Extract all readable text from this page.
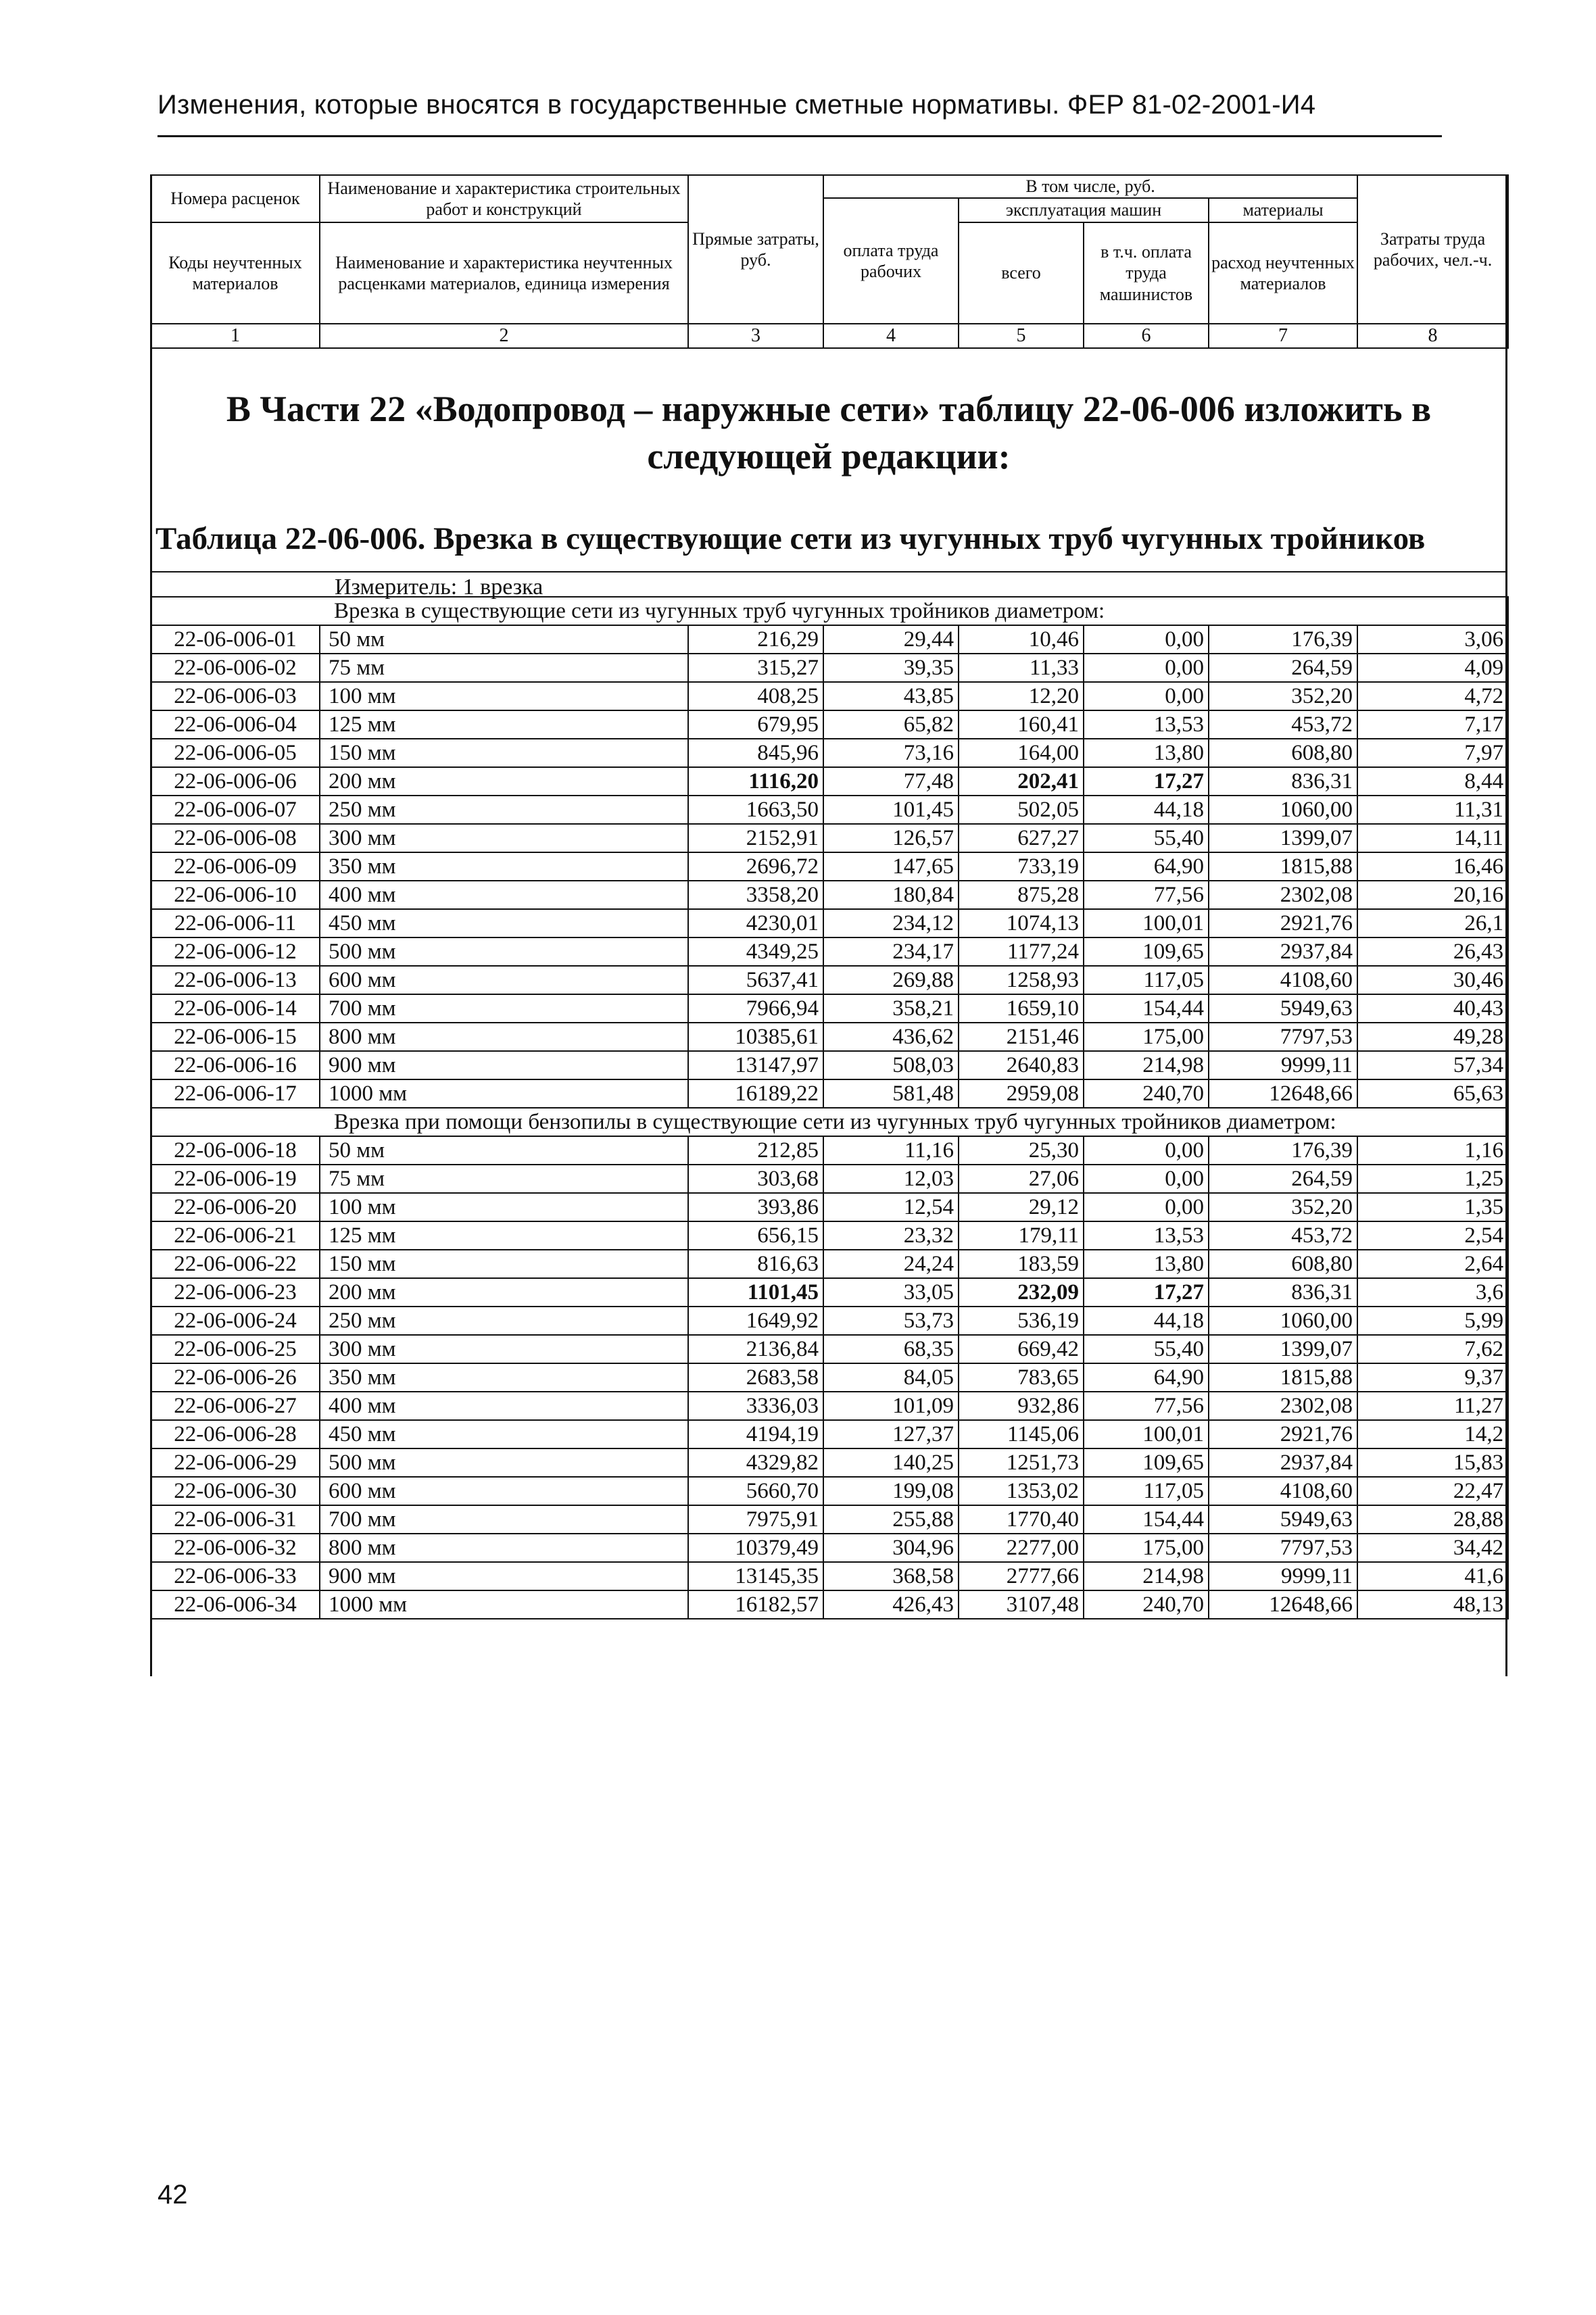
Изменения, которые вносятся в государственные сметные нормативы. ФЕР 81-02-2001-И4
Номера расценок	Наименование и характеристика строительных работ и конструкций	Прямые затраты, руб.	В том числе, руб.				Затраты труда рабочих, чел.-ч.
			оплата труда рабочих	эксплуатация машин		материалы	
Коды неучтенных материалов	Наименование и характеристика неучтенных расценками материалов, единица измерения			всего	в т.ч. оплата труда машинистов	расход неучтенных материалов	
1	2	3	4	5	6	7	8
В Части 22 «Водопровод – наружные сети» таблицу 22-06-006 изложить в следующей редакции:
Таблица 22-06-006. Врезка в существующие сети из чугунных труб чугунных тройников
Измеритель: 1 врезка
Врезка в существующие сети из чугунных труб чугунных тройников диаметром:							
22-06-006-01	50 мм	216,29	29,44	10,46	0,00	176,39	3,06
22-06-006-02	75 мм	315,27	39,35	11,33	0,00	264,59	4,09
22-06-006-03	100 мм	408,25	43,85	12,20	0,00	352,20	4,72
22-06-006-04	125 мм	679,95	65,82	160,41	13,53	453,72	7,17
22-06-006-05	150 мм	845,96	73,16	164,00	13,80	608,80	7,97
22-06-006-06	200 мм	1116,20	77,48	202,41	17,27	836,31	8,44
22-06-006-07	250 мм	1663,50	101,45	502,05	44,18	1060,00	11,31
22-06-006-08	300 мм	2152,91	126,57	627,27	55,40	1399,07	14,11
22-06-006-09	350 мм	2696,72	147,65	733,19	64,90	1815,88	16,46
22-06-006-10	400 мм	3358,20	180,84	875,28	77,56	2302,08	20,16
22-06-006-11	450 мм	4230,01	234,12	1074,13	100,01	2921,76	26,1
22-06-006-12	500 мм	4349,25	234,17	1177,24	109,65	2937,84	26,43
22-06-006-13	600 мм	5637,41	269,88	1258,93	117,05	4108,60	30,46
22-06-006-14	700 мм	7966,94	358,21	1659,10	154,44	5949,63	40,43
22-06-006-15	800 мм	10385,61	436,62	2151,46	175,00	7797,53	49,28
22-06-006-16	900 мм	13147,97	508,03	2640,83	214,98	9999,11	57,34
22-06-006-17	1000 мм	16189,22	581,48	2959,08	240,70	12648,66	65,63
Врезка при помощи бензопилы в существующие сети из чугунных труб чугунных тройников диаметром:							
22-06-006-18	50 мм	212,85	11,16	25,30	0,00	176,39	1,16
22-06-006-19	75 мм	303,68	12,03	27,06	0,00	264,59	1,25
22-06-006-20	100 мм	393,86	12,54	29,12	0,00	352,20	1,35
22-06-006-21	125 мм	656,15	23,32	179,11	13,53	453,72	2,54
22-06-006-22	150 мм	816,63	24,24	183,59	13,80	608,80	2,64
22-06-006-23	200 мм	1101,45	33,05	232,09	17,27	836,31	3,6
22-06-006-24	250 мм	1649,92	53,73	536,19	44,18	1060,00	5,99
22-06-006-25	300 мм	2136,84	68,35	669,42	55,40	1399,07	7,62
22-06-006-26	350 мм	2683,58	84,05	783,65	64,90	1815,88	9,37
22-06-006-27	400 мм	3336,03	101,09	932,86	77,56	2302,08	11,27
22-06-006-28	450 мм	4194,19	127,37	1145,06	100,01	2921,76	14,2
22-06-006-29	500 мм	4329,82	140,25	1251,73	109,65	2937,84	15,83
22-06-006-30	600 мм	5660,70	199,08	1353,02	117,05	4108,60	22,47
22-06-006-31	700 мм	7975,91	255,88	1770,40	154,44	5949,63	28,88
22-06-006-32	800 мм	10379,49	304,96	2277,00	175,00	7797,53	34,42
22-06-006-33	900 мм	13145,35	368,58	2777,66	214,98	9999,11	41,6
22-06-006-34	1000 мм	16182,57	426,43	3107,48	240,70	12648,66	48,13
42
